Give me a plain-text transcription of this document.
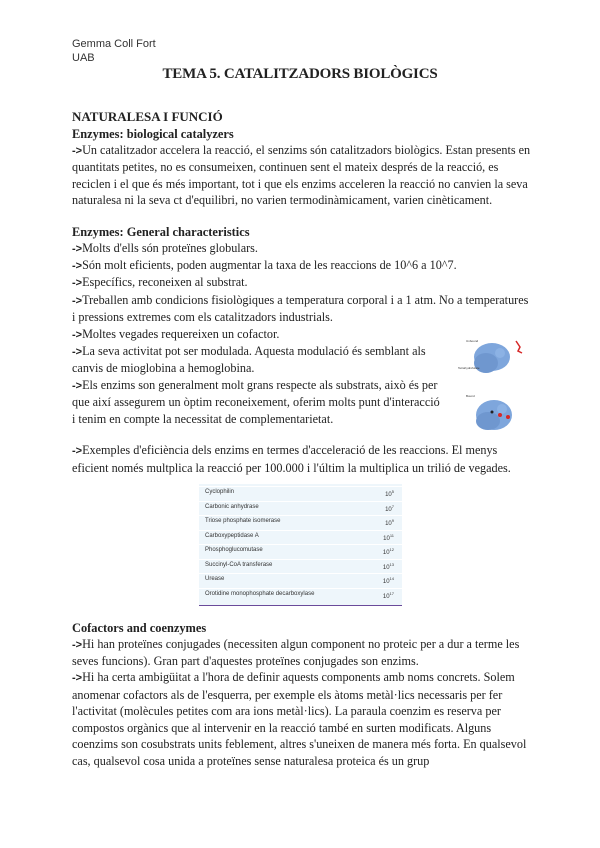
Gemma Coll Fort
UAB
TEMA 5. CATALITZADORS BIOLÒGICS
NATURALESA I FUNCIÓ
Enzymes: biological catalyzers

->Un catalitzador accelera la reacció, el senzims són catalitzadors biològics. Estan presents en quantitats petites, no es consumeixen, continuen sent el mateix després de la reacció, es reciclen i el que és més important, tot i que els enzims acceleren la reacció no canvien la seva naturalesa ni la seva ct d'equilibri, no varien termodinàmicament, varien cinèticament.

Enzymes: General characteristics

->Molts d'ells són proteïnes globulars.

->Són molt eficients, poden augmentar la taxa de les reaccions de 10^6 a 10^7.

->Específics, reconeixen al substrat.

->Treballen amb condicions fisiològiques a temperatura corporal i a 1 atm. No a temperatures i pressions extremes com els catalitzadors industrials.

->Moltes vegades requereixen un cofactor.

->La seva activitat pot ser modulada. Aquesta modulació és semblant als canvis de mioglobina a hemoglobina.

->Els enzims son generalment molt grans respecte als substrats, això és per que així assegurem un òptim reconeixement, oferim molts punt d'interacció i tenim en compte la necessitat de complementarietat.

->Exemples d'eficiència dels enzims en termes d'acceleració de les reaccions. El menys eficient només multplica la reacció per 100.000 i l'últim la multiplica un trilió de vegades.

Cyclophilin	$10^5$
Carbonic anhydrase	$10^7$
Triose phosphate isomerase	$10^9$
Carboxypeptidase A	$10^{11}$
Phosphoglucomutase	$10^{12}$
Succinyl-CoA transferase	$10^{13}$
Urease	$10^{14}$
Orotidine monophosphate decarboxylase	$10^{17}$
Cofactors and coenzymes

->Hi han proteïnes conjugades (necessiten algun component no proteic per a dur a terme les seves funcions). Gran part d'aquestes proteïnes conjugades son enzims.

->Hi ha certa ambigüitat a l'hora de definir aquests components amb noms concrets. Solem anomenar cofactors als de l'esquerra, per exemple els àtoms metàl·lics necessaris per fer l'activitat (molècules petites com ara ions metàl·lics). La paraula coenzim es reserva per compostos orgànics que al intervenir en la reacció també en surten modificats. Alguns coenzims son cosubstrats units feblement, altres s'uneixen de manera més forta. En qualsevol cas, qualsevol cosa unida a proteïnes sense naturalesa proteica és un grup

Unbound
Tetrahydrofolate
Bound
